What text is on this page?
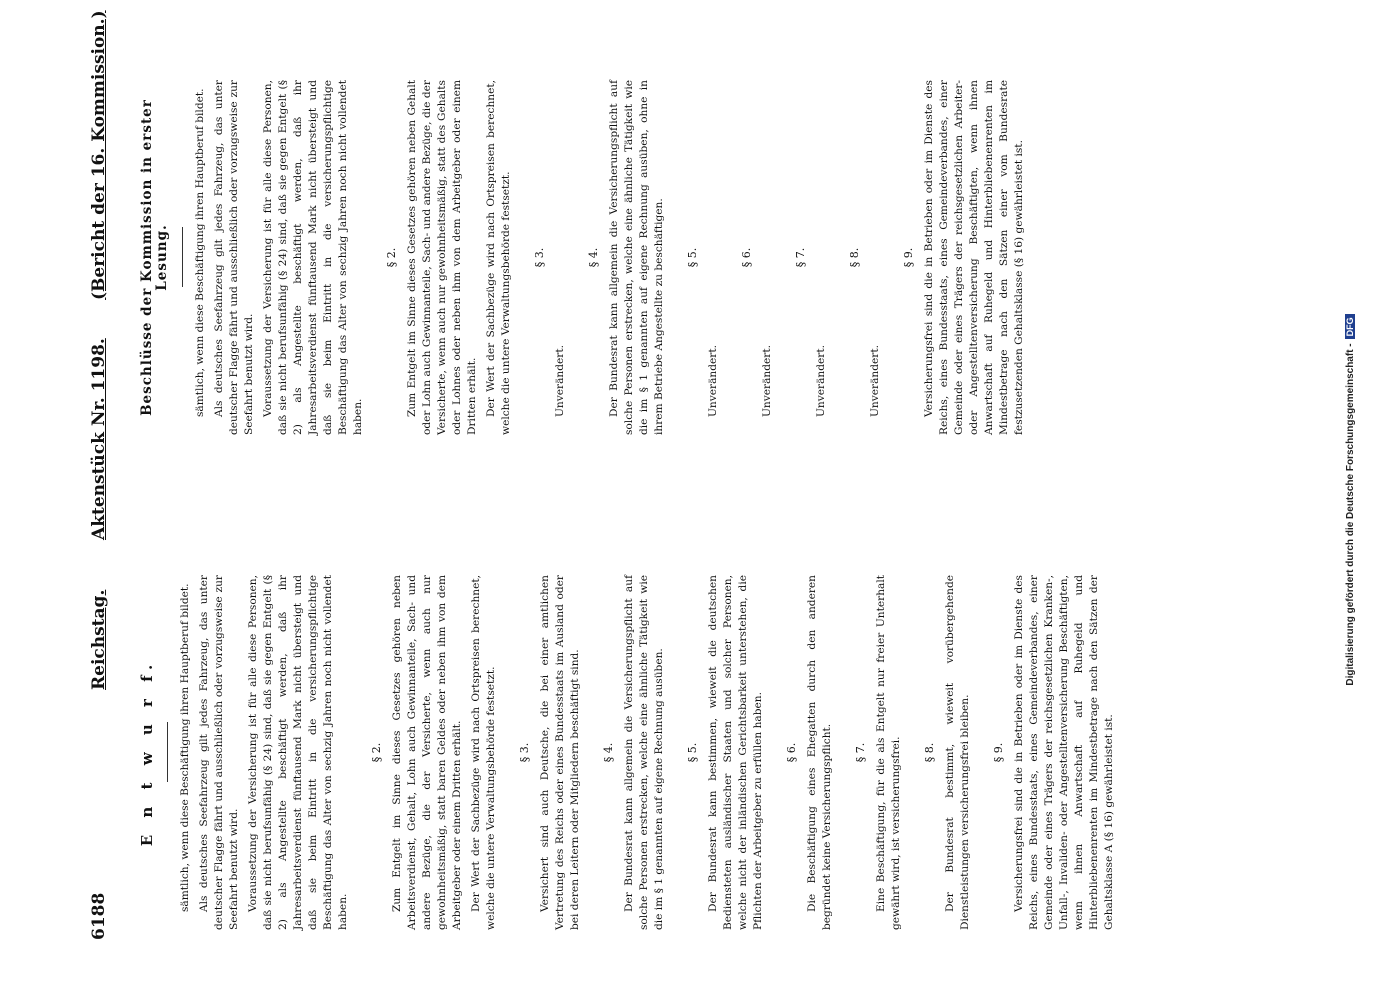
6188
Reichstag.
Aktenstück Nr. 1198.
(Bericht der 16. Kommission.)
E n t w u r f. sämtlich, wenn diese Beschäftigung ihren Hauptberuf bildet. Als deutsches Seefahrzeug gilt jedes Fahrzeug, das unter deutscher Flagge fährt und ausschließlich oder vorzugsweise zur Seefahrt benutzt wird. Voraussetzung der Versicherung ist für alle diese Personen, daß sie nicht berufsunfähig (§ 24) sind, daß sie gegen Entgelt (§ 2) als Angestellte beschäftigt werden, daß ihr Jahresarbeitsverdienst fünftausend Mark nicht übersteigt und daß sie beim Eintritt in die versicherungspflichtige Beschäftigung das Alter von sechzig Jahren noch nicht vollendet haben.

§ 2. Zum Entgelt im Sinne dieses Gesetzes gehören neben Arbeitsverdienst, Gehalt, Lohn auch Gewinnanteile, Sach- und andere Bezüge, die der Versicherte, wenn auch nur gewohnheitsmäßig, statt baren Geldes oder neben ihm von dem Arbeitgeber oder einem Dritten erhält. Der Wert der Sachbezüge wird nach Ortspreisen berechnet, welche die untere Verwaltungsbehörde festsetzt. § 3. Versichert sind auch Deutsche, die bei einer amtlichen Vertretung des Reichs oder eines Bundesstaats im Ausland oder bei deren Leitern oder Mitgliedern beschäftigt sind. § 4. Der Bundesrat kann allgemein die Versicherungspflicht auf solche Personen erstrecken, welche eine ähnliche Tätigkeit wie die im § 1 genannten auf eigene Rechnung ausüben. § 5. Der Bundesrat kann bestimmen, wieweit die deutschen Bediensteten ausländischer Staaten und solcher Personen, welche nicht der inländischen Gerichtsbarkeit unterstehen, die Pflichten der Arbeitgeber zu erfüllen haben. § 6. Die Beschäftigung eines Ehegatten durch den anderen begründet keine Versicherungspflicht. § 7. Eine Beschäftigung, für die als Entgelt nur freier Unterhalt gewährt wird, ist versicherungsfrei. § 8. Der Bundesrat bestimmt, wieweit vorübergehende Dienstleistungen versicherungsfrei bleiben. § 9. Versicherungsfrei sind die in Betrieben oder im Dienste des Reichs, eines Bundesstaats, eines Gemeindeverbandes, einer Gemeinde oder eines Trägers der reichsgesetzlichen Kranken-, Unfall-, Invaliden- oder Angestelltenversicherung Beschäftigten, wenn ihnen Anwartschaft auf Ruhegeld und Hinterbliebenenrenten im Mindestbetrage nach den Sätzen der Gehaltsklasse A (§ 16) gewährleistet ist.

Beschlüsse der Kommission in erster Lesung. sämtlich, wenn diese Beschäftigung ihren Hauptberuf bildet. Als deutsches Seefahrzeug gilt jedes Fahrzeug, das unter deutscher Flagge fährt und ausschließlich oder vorzugsweise zur Seefahrt benutzt wird. Voraussetzung der Versicherung ist für alle diese Personen, daß sie nicht berufsunfähig (§ 24) sind, daß sie gegen Entgelt (§ 2) als Angestellte beschäftigt werden, daß ihr Jahresarbeitsverdienst fünftausend Mark nicht übersteigt und daß sie beim Eintritt in die versicherungspflichtige Beschäftigung das Alter von sechzig Jahren noch nicht vollendet haben.

§ 2. Zum Entgelt im Sinne dieses Gesetzes gehören neben Gehalt oder Lohn auch Gewinnanteile, Sach- und andere Bezüge, die der Versicherte, wenn auch nur gewohnheitsmäßig, statt des Gehalts oder Lohnes oder neben ihm von dem Arbeitgeber oder einem Dritten erhält. Der Wert der Sachbezüge wird nach Ortspreisen berechnet, welche die untere Verwaltungsbehörde festsetzt. § 3.

Unverändert.

§ 4. Der Bundesrat kann allgemein die Versicherungspflicht auf solche Personen erstrecken, welche eine ähnliche Tätigkeit wie die im § 1 genannten auf eigene Rechnung ausüben, ohne in ihrem Betriebe Angestellte zu beschäftigen. § 5.

Unverändert.

§ 6.

Unverändert.

§ 7.

Unverändert.

§ 8.

Unverändert.

§ 9. Versicherungsfrei sind die in Betrieben oder im Dienste des Reichs, eines Bundesstaats, eines Gemeindeverbandes, einer Gemeinde oder eines Trägers der reichsgesetzlichen Arbeiter- oder Angestelltenversicherung Beschäftigten, wenn ihnen Anwartschaft auf Ruhegeld und Hinterbliebenenrenten im Mindestbetrage nach den Sätzen einer vom Bundesrate festzusetzenden Gehaltsklasse (§ 16) gewährleistet ist.

Digitalisierung gefördert durch die Deutsche Forschungsgemeinschaft -DFG
